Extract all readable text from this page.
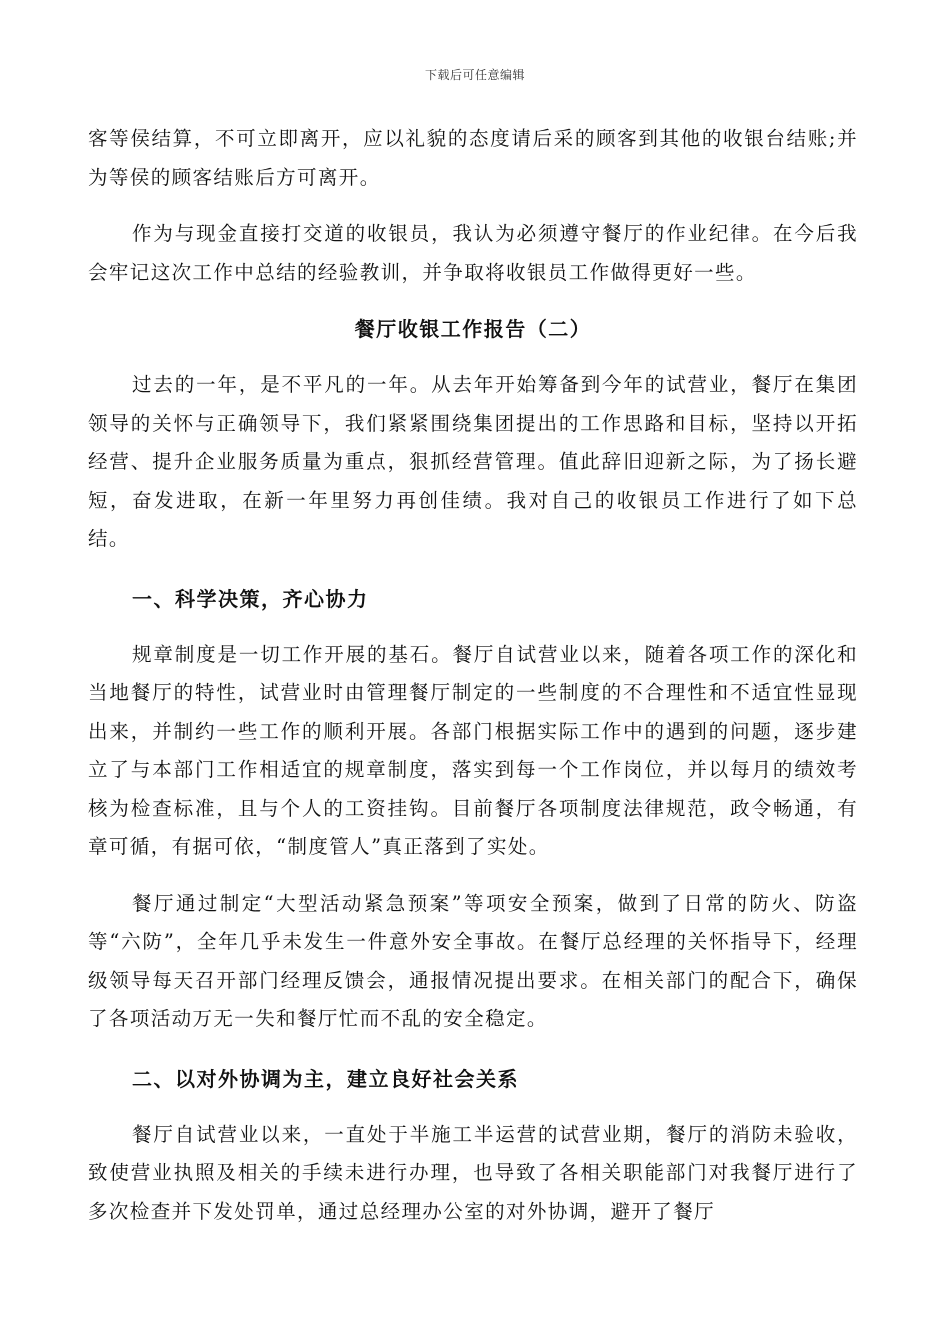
下载后可任意编辑

客等侯结算，不可立即离开，应以礼貌的态度请后采的顾客到其他的收银台结账;并为等侯的顾客结账后方可离开。

作为与现金直接打交道的收银员，我认为必须遵守餐厅的作业纪律。在今后我会牢记这次工作中总结的经验教训，并争取将收银员工作做得更好一些。

餐厅收银工作报告（二）

过去的一年，是不平凡的一年。从去年开始筹备到今年的试营业，餐厅在集团领导的关怀与正确领导下，我们紧紧围绕集团提出的工作思路和目标，坚持以开拓经营、提升企业服务质量为重点，狠抓经营管理。值此辞旧迎新之际，为了扬长避短，奋发进取，在新一年里努力再创佳绩。我对自己的收银员工作进行了如下总结。

一、科学决策，齐心协力

规章制度是一切工作开展的基石。餐厅自试营业以来，随着各项工作的深化和当地餐厅的特性，试营业时由管理餐厅制定的一些制度的不合理性和不适宜性显现出来，并制约一些工作的顺利开展。各部门根据实际工作中的遇到的问题，逐步建立了与本部门工作相适宜的规章制度，落实到每一个工作岗位，并以每月的绩效考核为检查标准，且与个人的工资挂钩。目前餐厅各项制度法律规范，政令畅通，有章可循，有据可依，“制度管人”真正落到了实处。

餐厅通过制定“大型活动紧急预案”等项安全预案，做到了日常的防火、防盗等“六防”，全年几乎未发生一件意外安全事故。在餐厅总经理的关怀指导下，经理级领导每天召开部门经理反馈会，通报情况提出要求。在相关部门的配合下，确保了各项活动万无一失和餐厅忙而不乱的安全稳定。

二、以对外协调为主，建立良好社会关系

餐厅自试营业以来，一直处于半施工半运营的试营业期，餐厅的消防未验收，致使营业执照及相关的手续未进行办理，也导致了各相关职能部门对我餐厅进行了多次检查并下发处罚单，通过总经理办公室的对外协调，避开了餐厅
